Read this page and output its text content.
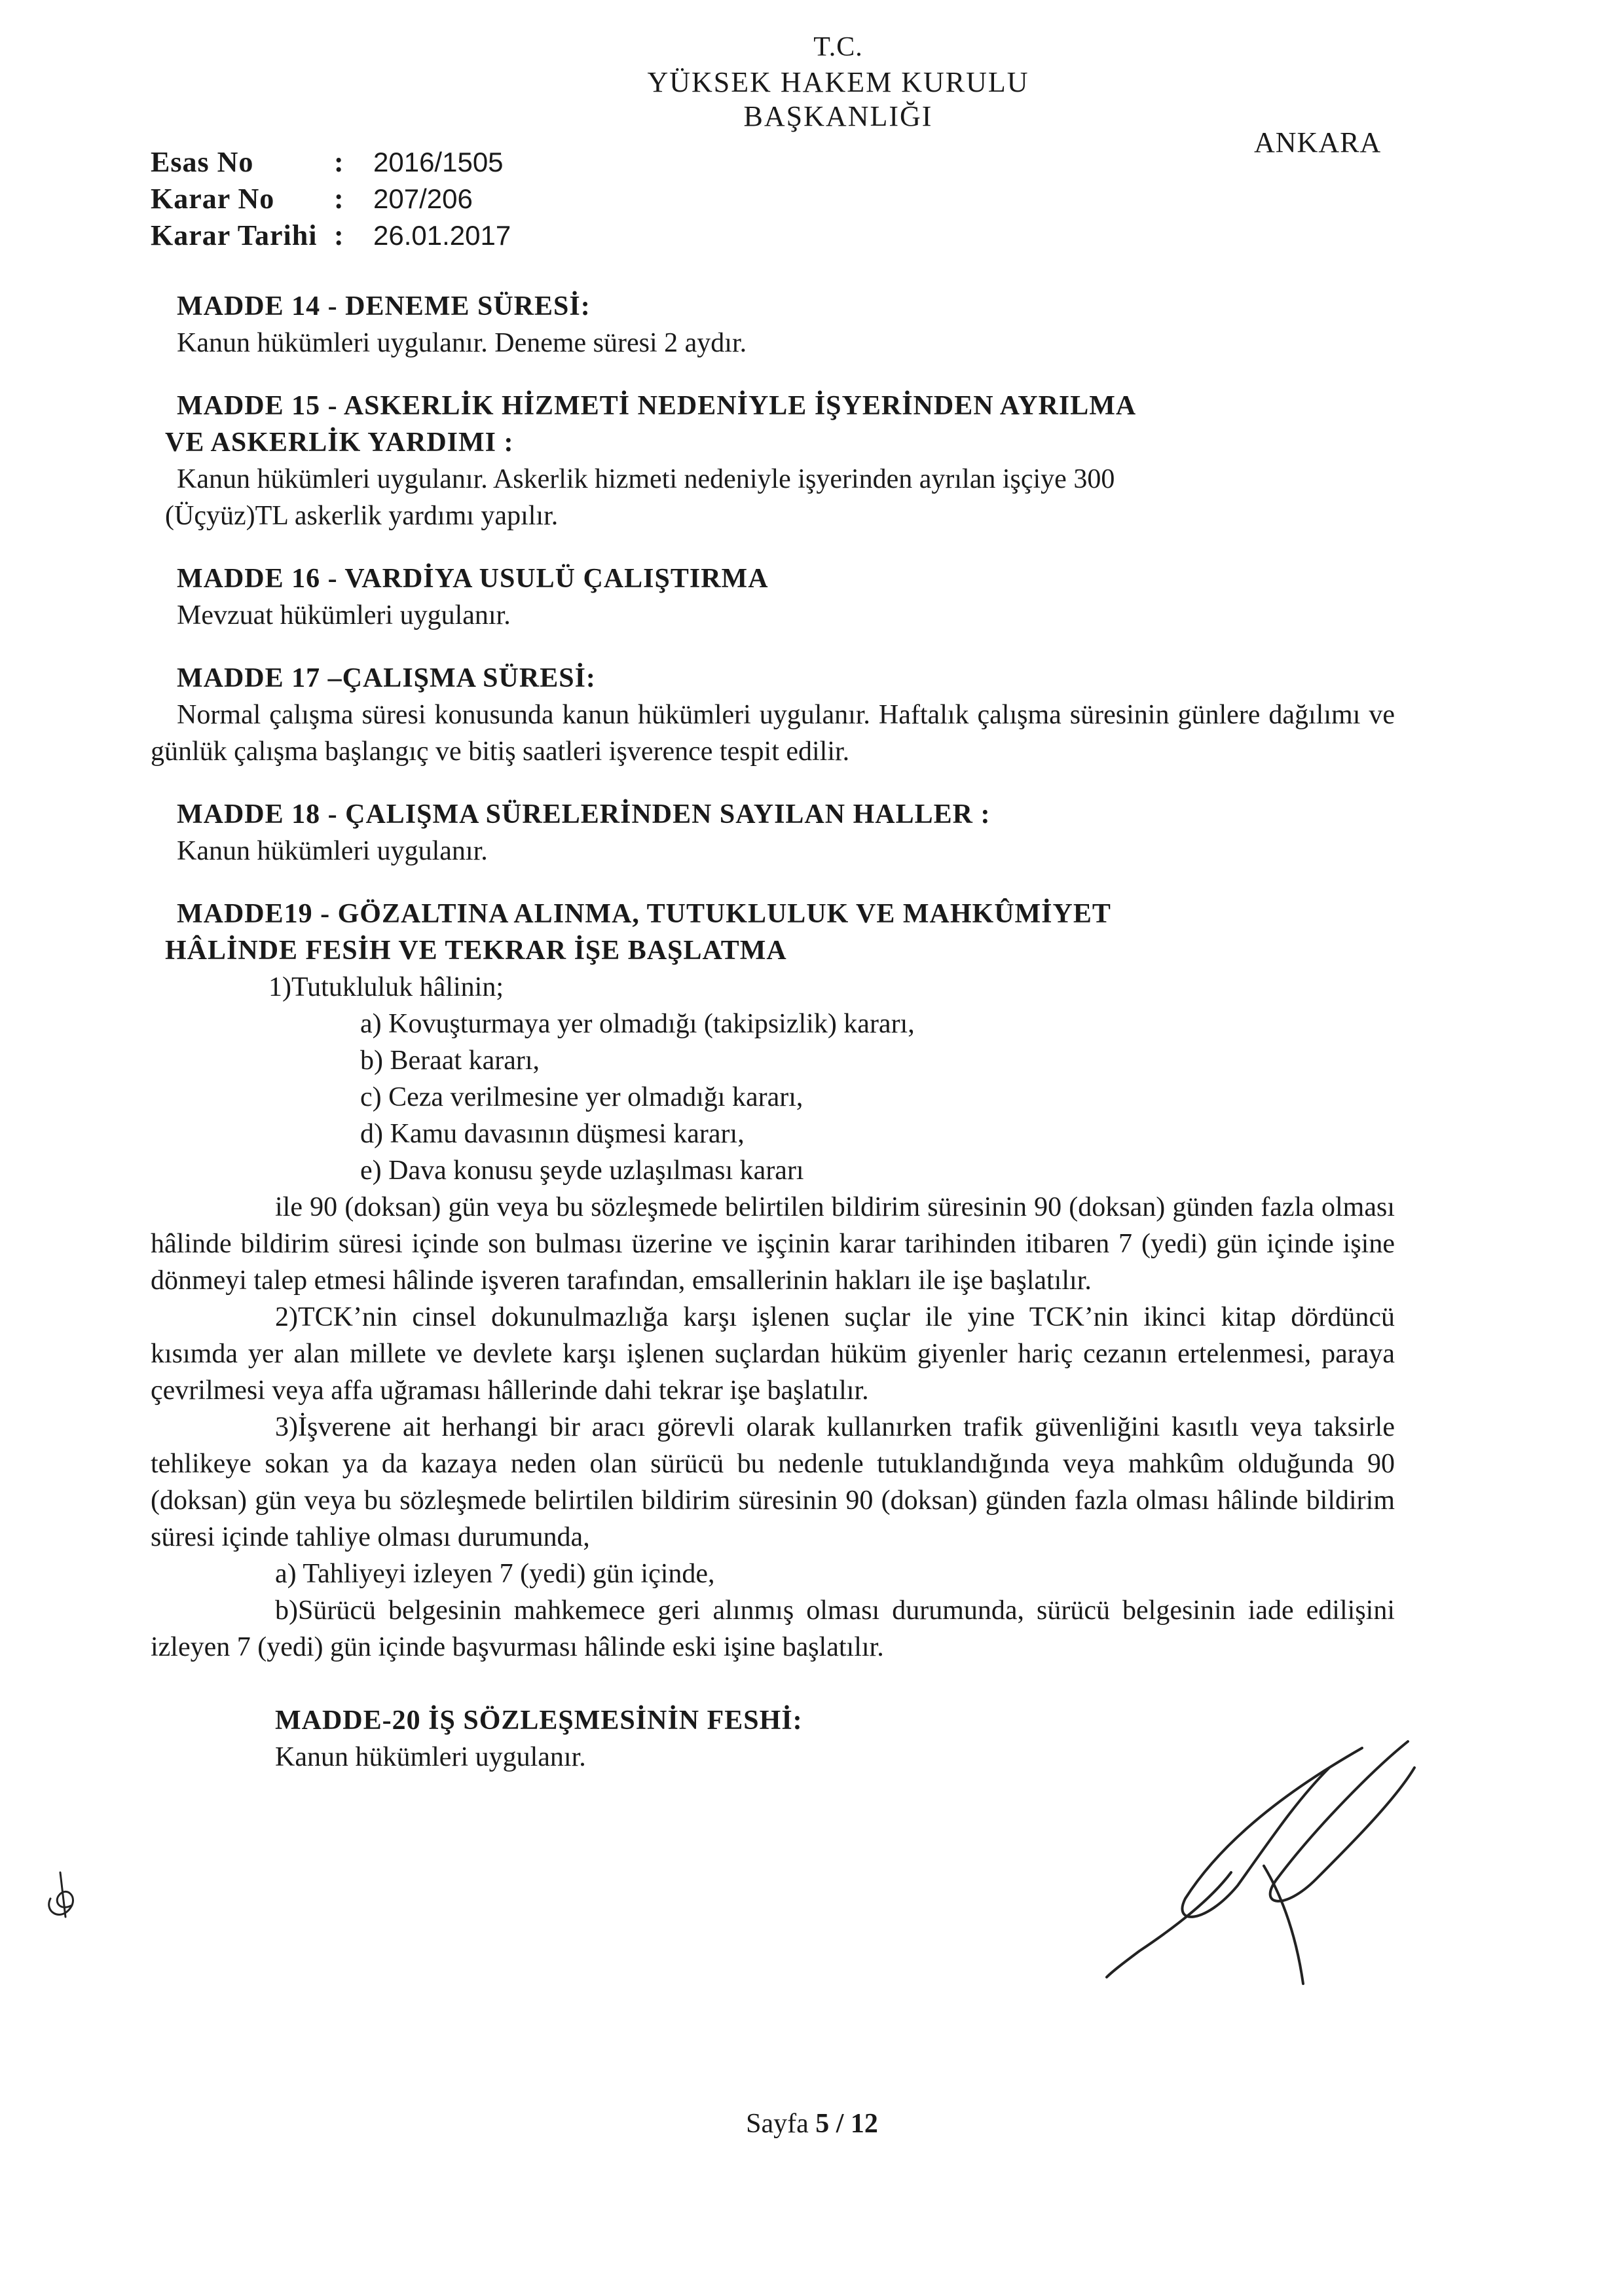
T.C.
YÜKSEK HAKEM KURULU
BAŞKANLIĞI
ANKARA
Esas No	:	2016/1505
Karar No	:	207/206
Karar Tarihi :	26.01.2017
MADDE 14 - DENEME SÜRESİ:
Kanun hükümleri uygulanır. Deneme süresi 2 aydır.
MADDE 15 - ASKERLİK HİZMETİ NEDENİYLE İŞYERİNDEN AYRILMA
VE ASKERLİK YARDIMI :
Kanun hükümleri uygulanır. Askerlik hizmeti nedeniyle işyerinden ayrılan işçiye 300
(Üçyüz)TL askerlik yardımı yapılır.
MADDE 16 - VARDİYA USULÜ ÇALIŞTIRMA
Mevzuat hükümleri uygulanır.
MADDE 17 –ÇALIŞMA SÜRESİ:
Normal çalışma süresi konusunda kanun hükümleri uygulanır. Haftalık çalışma süresinin günlere dağılımı ve günlük çalışma başlangıç ve bitiş saatleri işverence tespit edilir.
MADDE 18 - ÇALIŞMA SÜRELERİNDEN SAYILAN HALLER :
Kanun hükümleri uygulanır.
MADDE19 - GÖZALTINA ALINMA, TUTUKLULUK VE MAHKÛMİYET
HÂLİNDE FESİH VE TEKRAR İŞE BAŞLATMA
1)Tutukluluk hâlinin;
a) Kovuşturmaya yer olmadığı (takipsizlik) kararı,
b) Beraat kararı,
c) Ceza verilmesine yer olmadığı kararı,
d) Kamu davasının düşmesi kararı,
e) Dava konusu şeyde uzlaşılması kararı
ile 90 (doksan) gün veya bu sözleşmede belirtilen bildirim süresinin 90 (doksan) günden fazla olması hâlinde bildirim süresi içinde son bulması üzerine ve işçinin karar tarihinden itibaren 7 (yedi) gün içinde işine dönmeyi talep etmesi hâlinde işveren tarafından, emsallerinin hakları ile işe başlatılır.
2)TCK’nin cinsel dokunulmazlığa karşı işlenen suçlar ile yine TCK’nin ikinci kitap dördüncü kısımda yer alan millete ve devlete karşı işlenen suçlardan hüküm giyenler hariç cezanın ertelenmesi, paraya çevrilmesi veya affa uğraması hâllerinde dahi tekrar işe başlatılır.
3)İşverene ait herhangi bir aracı görevli olarak kullanırken trafik güvenliğini kasıtlı veya taksirle tehlikeye sokan ya da kazaya neden olan sürücü bu nedenle tutuklandığında veya mahkûm olduğunda 90 (doksan) gün veya bu sözleşmede belirtilen bildirim süresinin 90 (doksan) günden fazla olması hâlinde bildirim süresi içinde tahliye olması durumunda,
a) Tahliyeyi izleyen 7 (yedi) gün içinde,
b)Sürücü belgesinin mahkemece geri alınmış olması durumunda, sürücü belgesinin iade edilişini izleyen 7 (yedi) gün içinde başvurması hâlinde eski işine başlatılır.
MADDE-20 İŞ SÖZLEŞMESİNİN FESHİ:
Kanun hükümleri uygulanır.
Sayfa 5 / 12
